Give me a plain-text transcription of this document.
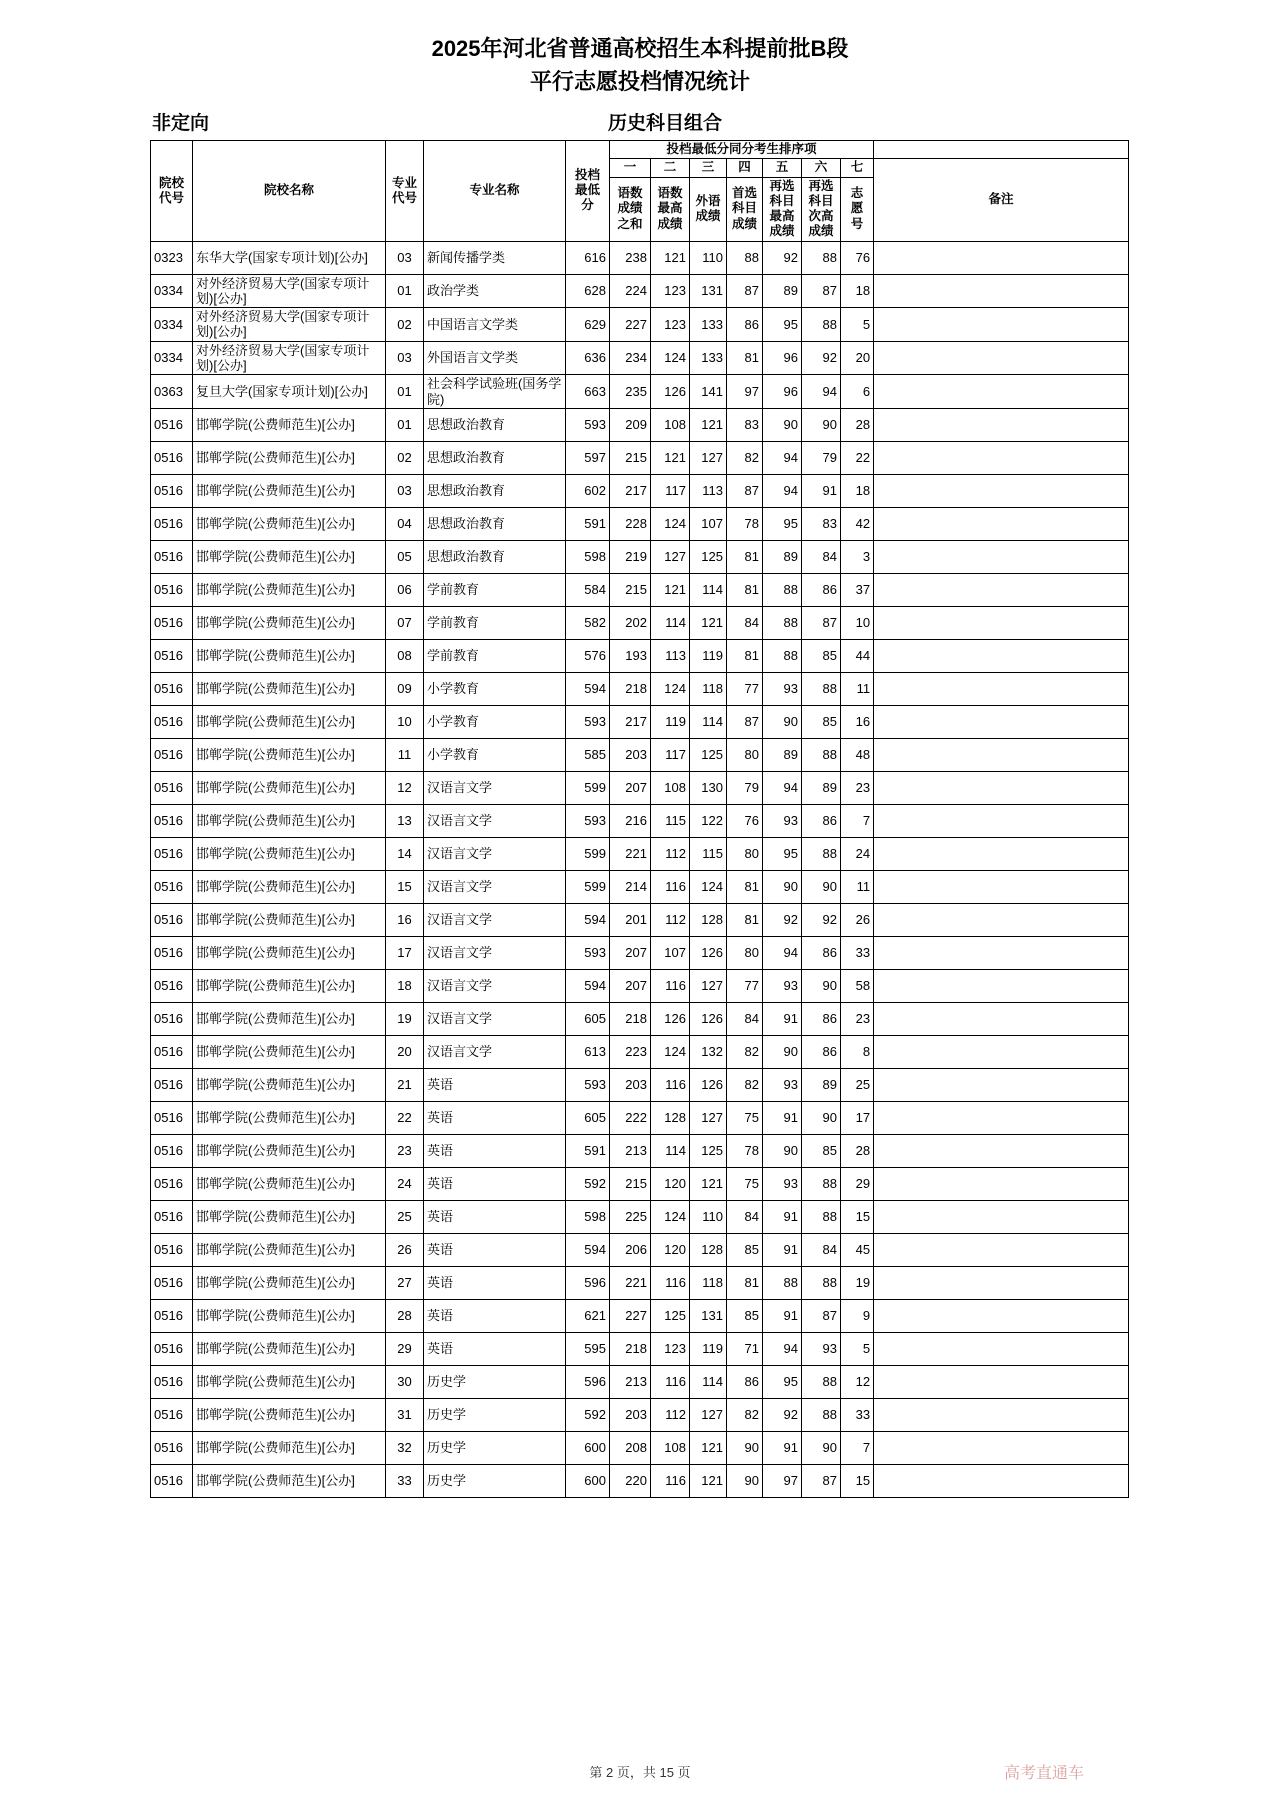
2025年河北省普通高校招生本科提前批B段
平行志愿投档情况统计
非定向	历史科目组合
院校代号	院校名称	专业代号	专业名称	投档最低分	投档最低分同分考生排序项							
					一	二	三	四	五	六	七	备注
					语数成绩之和	语数最高成绩	外语成绩	首选科目成绩	再选科目最高成绩	再选科目次高成绩	志愿号	
0323	东华大学(国家专项计划)[公办]	03	新闻传播学类	616	238	121	110	88	92	88	76	
0334	对外经济贸易大学(国家专项计划)[公办]	01	政治学类	628	224	123	131	87	89	87	18	
0334	对外经济贸易大学(国家专项计划)[公办]	02	中国语言文学类	629	227	123	133	86	95	88	5	
0334	对外经济贸易大学(国家专项计划)[公办]	03	外国语言文学类	636	234	124	133	81	96	92	20	
0363	复旦大学(国家专项计划)[公办]	01	社会科学试验班(国务学院)	663	235	126	141	97	96	94	6	
0516	邯郸学院(公费师范生)[公办]	01	思想政治教育	593	209	108	121	83	90	90	28	
0516	邯郸学院(公费师范生)[公办]	02	思想政治教育	597	215	121	127	82	94	79	22	
0516	邯郸学院(公费师范生)[公办]	03	思想政治教育	602	217	117	113	87	94	91	18	
0516	邯郸学院(公费师范生)[公办]	04	思想政治教育	591	228	124	107	78	95	83	42	
0516	邯郸学院(公费师范生)[公办]	05	思想政治教育	598	219	127	125	81	89	84	3	
0516	邯郸学院(公费师范生)[公办]	06	学前教育	584	215	121	114	81	88	86	37	
0516	邯郸学院(公费师范生)[公办]	07	学前教育	582	202	114	121	84	88	87	10	
0516	邯郸学院(公费师范生)[公办]	08	学前教育	576	193	113	119	81	88	85	44	
0516	邯郸学院(公费师范生)[公办]	09	小学教育	594	218	124	118	77	93	88	11	
0516	邯郸学院(公费师范生)[公办]	10	小学教育	593	217	119	114	87	90	85	16	
0516	邯郸学院(公费师范生)[公办]	11	小学教育	585	203	117	125	80	89	88	48	
0516	邯郸学院(公费师范生)[公办]	12	汉语言文学	599	207	108	130	79	94	89	23	
0516	邯郸学院(公费师范生)[公办]	13	汉语言文学	593	216	115	122	76	93	86	7	
0516	邯郸学院(公费师范生)[公办]	14	汉语言文学	599	221	112	115	80	95	88	24	
0516	邯郸学院(公费师范生)[公办]	15	汉语言文学	599	214	116	124	81	90	90	11	
0516	邯郸学院(公费师范生)[公办]	16	汉语言文学	594	201	112	128	81	92	92	26	
0516	邯郸学院(公费师范生)[公办]	17	汉语言文学	593	207	107	126	80	94	86	33	
0516	邯郸学院(公费师范生)[公办]	18	汉语言文学	594	207	116	127	77	93	90	58	
0516	邯郸学院(公费师范生)[公办]	19	汉语言文学	605	218	126	126	84	91	86	23	
0516	邯郸学院(公费师范生)[公办]	20	汉语言文学	613	223	124	132	82	90	86	8	
0516	邯郸学院(公费师范生)[公办]	21	英语	593	203	116	126	82	93	89	25	
0516	邯郸学院(公费师范生)[公办]	22	英语	605	222	128	127	75	91	90	17	
0516	邯郸学院(公费师范生)[公办]	23	英语	591	213	114	125	78	90	85	28	
0516	邯郸学院(公费师范生)[公办]	24	英语	592	215	120	121	75	93	88	29	
0516	邯郸学院(公费师范生)[公办]	25	英语	598	225	124	110	84	91	88	15	
0516	邯郸学院(公费师范生)[公办]	26	英语	594	206	120	128	85	91	84	45	
0516	邯郸学院(公费师范生)[公办]	27	英语	596	221	116	118	81	88	88	19	
0516	邯郸学院(公费师范生)[公办]	28	英语	621	227	125	131	85	91	87	9	
0516	邯郸学院(公费师范生)[公办]	29	英语	595	218	123	119	71	94	93	5	
0516	邯郸学院(公费师范生)[公办]	30	历史学	596	213	116	114	86	95	88	12	
0516	邯郸学院(公费师范生)[公办]	31	历史学	592	203	112	127	82	92	88	33	
0516	邯郸学院(公费师范生)[公办]	32	历史学	600	208	108	121	90	91	90	7	
0516	邯郸学院(公费师范生)[公办]	33	历史学	600	220	116	121	90	97	87	15	
第 2 页，共 15 页	高考直通车
